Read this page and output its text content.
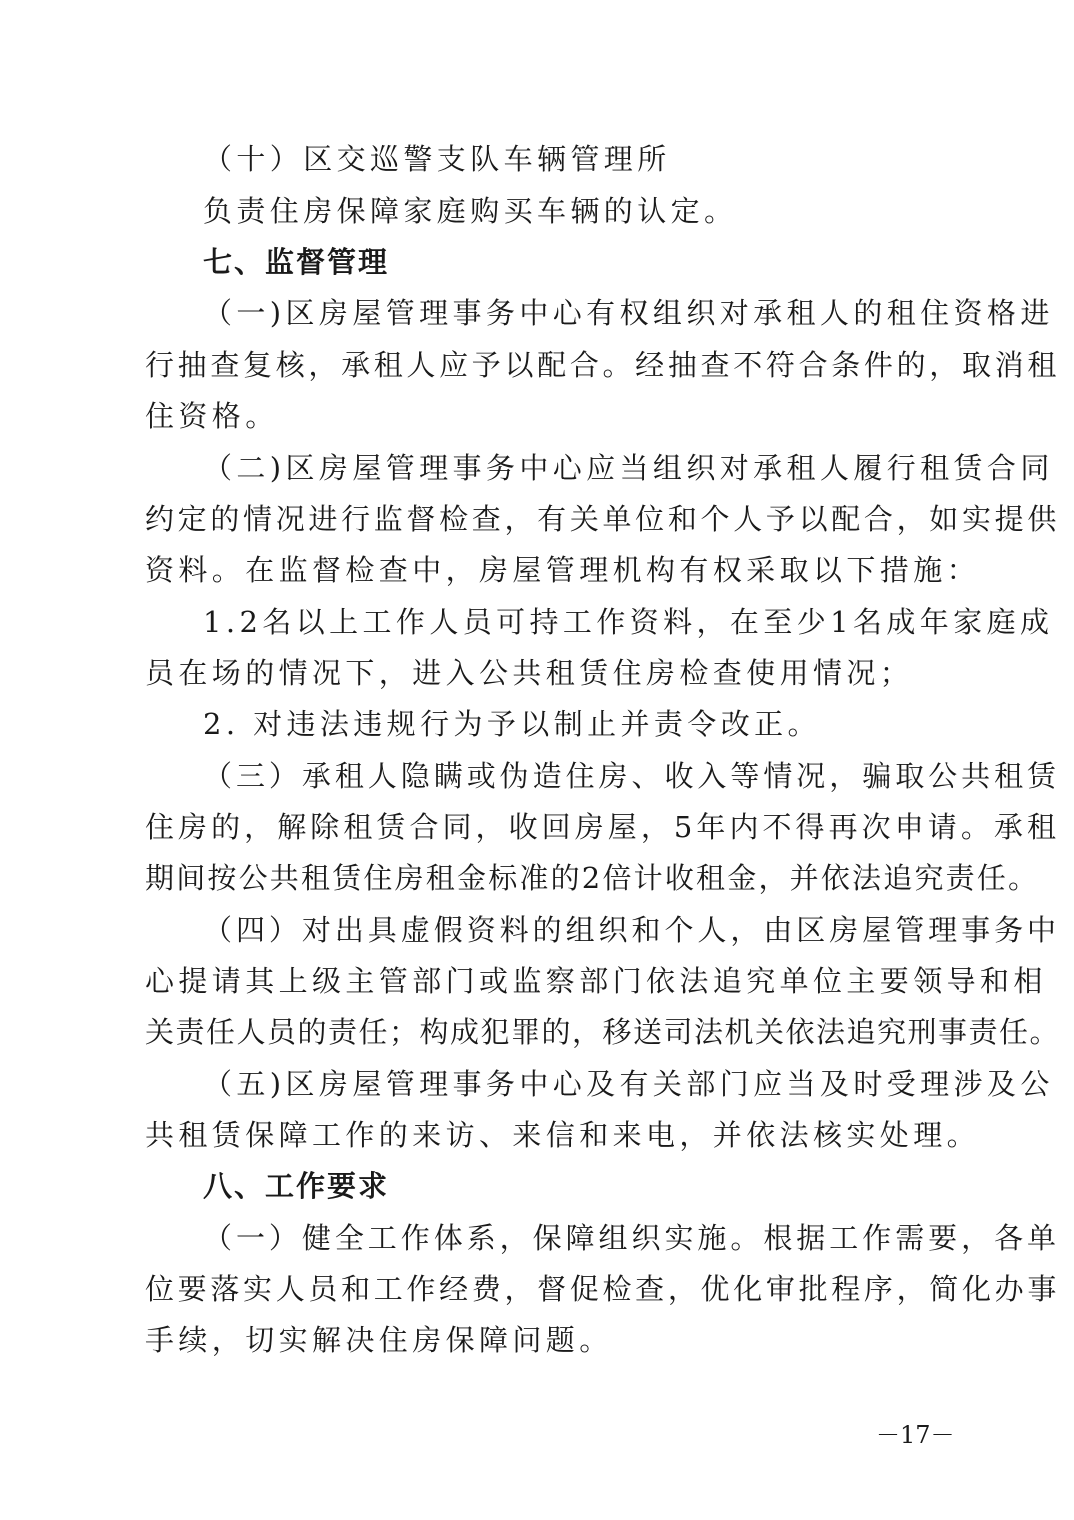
（十）区交巡警支队车辆管理所
负责住房保障家庭购买车辆的认定。
七、监督管理
（一)区房屋管理事务中心有权组织对承租人的租住资格进
行抽查复核，承租人应予以配合。经抽查不符合条件的，取消租
住资格。
（二)区房屋管理事务中心应当组织对承租人履行租赁合同
约定的情况进行监督检查，有关单位和个人予以配合，如实提供
资料。在监督检查中，房屋管理机构有权采取以下措施：
1.2名以上工作人员可持工作资料，在至少1名成年家庭成
员在场的情况下，进入公共租赁住房检查使用情况；
2. 对违法违规行为予以制止并责令改正。
（三）承租人隐瞒或伪造住房、收入等情况，骗取公共租赁
住房的，解除租赁合同，收回房屋，5年内不得再次申请。承租
期间按公共租赁住房租金标准的2倍计收租金，并依法追究责任。
（四）对出具虚假资料的组织和个人，由区房屋管理事务中
心提请其上级主管部门或监察部门依法追究单位主要领导和相
关责任人员的责任；构成犯罪的，移送司法机关依法追究刑事责任。
（五)区房屋管理事务中心及有关部门应当及时受理涉及公
共租赁保障工作的来访、来信和来电，并依法核实处理。
八、工作要求
（一）健全工作体系，保障组织实施。根据工作需要，各单
位要落实人员和工作经费，督促检查，优化审批程序，简化办事
手续，切实解决住房保障问题。
－17－
